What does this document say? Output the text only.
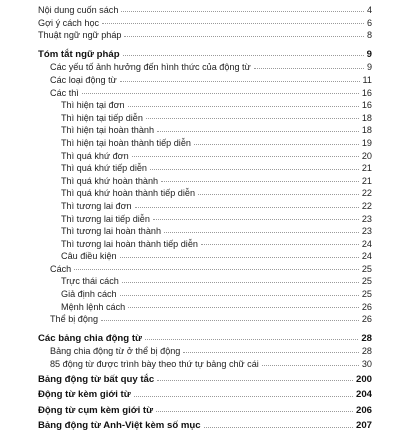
Nội dung cuốn sách	4
Gợi ý cách học	6
Thuật ngữ ngữ pháp	8
Tóm tắt ngữ pháp	9
Các yếu tố ảnh hưởng đến hình thức của động từ	9
Các loại động từ	11
Các thì	16
Thì hiện tại đơn	16
Thì hiện tại tiếp diễn	18
Thì hiện tại hoàn thành	18
Thì hiện tại hoàn thành tiếp diễn	19
Thì quá khứ đơn	20
Thì quá khứ tiếp diễn	21
Thì quá khứ hoàn thành	21
Thì quá khứ hoàn thành tiếp diễn	22
Thì tương lai đơn	22
Thì tương lai tiếp diễn	23
Thì tương lai hoàn thành	23
Thì tương lai hoàn thành tiếp diễn	24
Câu điều kiện	24
Cách	25
Trực thái cách	25
Giả định cách	25
Mệnh lệnh cách	26
Thể bị động	26
Các bảng chia động từ	28
Bảng chia động từ ở thể bị động	28
85 động từ được trình bày theo thứ tự bảng chữ cái	30
Bảng động từ bất quy tắc	200
Động từ kèm giới từ	204
Động từ cụm kèm giới từ	206
Bảng động từ Anh-Việt kèm số mục	207
